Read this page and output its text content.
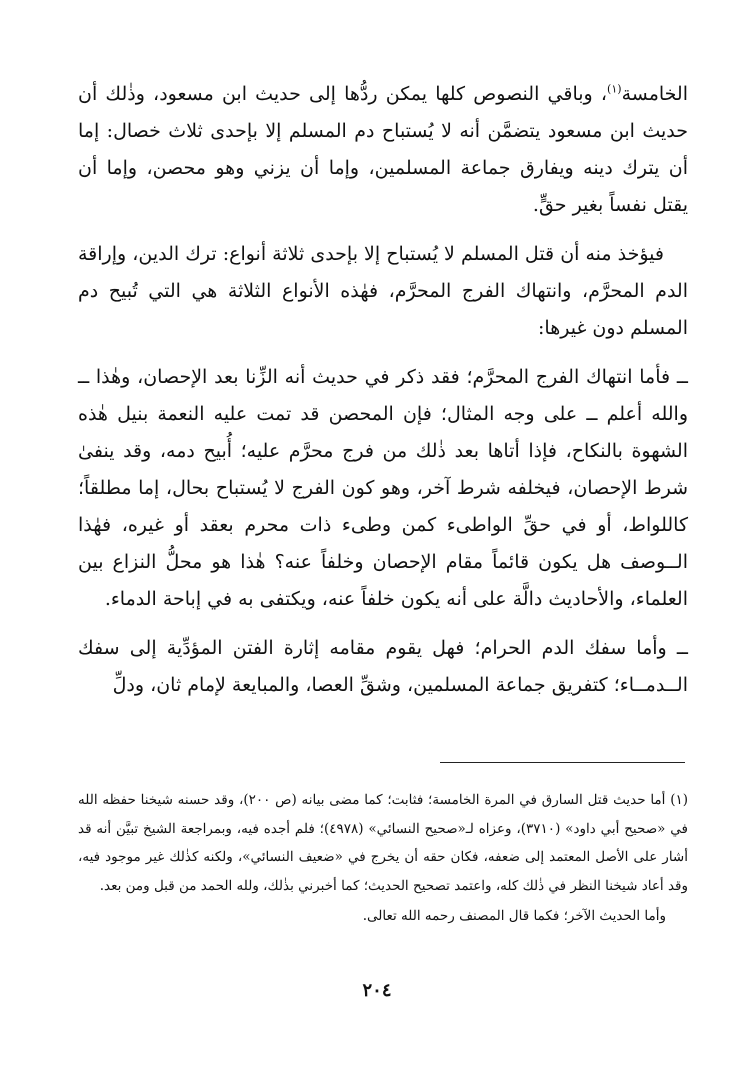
الخامسة$^{(١)}$، وباقي النصوص كلها يمكن ردُّها إلى حديث ابن مسعود، وذٰلك أن حديث ابن مسعود يتضمَّن أنه لا يُستباح دم المسلم إلا بإحدى ثلاث خصال: إما أن يترك دينه ويفارق جماعة المسلمين، وإما أن يزني وهو محصن، وإما أن يقتل نفساً بغير حقٍّ.

فيؤخذ منه أن قتل المسلم لا يُستباح إلا بإحدى ثلاثة أنواع: ترك الدين، وإراقة الدم المحرَّم، وانتهاك الفرج المحرَّم، فهٰذه الأنواع الثلاثة هي التي تُبيح دم المسلم دون غيرها:

ــ فأما انتهاك الفرج المحرَّم؛ فقد ذكر في حديث أنه الزِّنا بعد الإحصان، وهٰذا ــ والله أعلم ــ على وجه المثال؛ فإن المحصن قد تمت عليه النعمة بنيل هٰذه الشهوة بالنكاح، فإذا أتاها بعد ذٰلك من فرج محرَّم عليه؛ أُبيح دمه، وقد ينفىٰ شرط الإحصان، فيخلفه شرط آخر، وهو كون الفرج لا يُستباح بحال، إما مطلقاً؛ كاللواط، أو في حقِّ الواطىء كمن وطىء ذات محرم بعقد أو غيره، فهٰذا الــوصف هل يكون قائماً مقام الإحصان وخلفاً عنه؟ هٰذا هو محلُّ النزاع بين العلماء، والأحاديث دالَّة على أنه يكون خلفاً عنه، ويكتفى به في إباحة الدماء.

ــ وأما سفك الدم الحرام؛ فهل يقوم مقامه إثارة الفتن المؤدِّية إلى سفك الــدمــاء؛ كتفريق جماعة المسلمين، وشقِّ العصا، والمبايعة لإمام ثان، ودلِّ

(١) أما حديث قتل السارق في المرة الخامسة؛ فثابت؛ كما مضى بيانه (ص ٢٠٠)، وقد حسنه شيخنا حفظه الله في «صحيح أبي داود» (٣٧١٠)، وعزاه لـ«صحيح النسائي» (٤٩٧٨)؛ فلم أجده فيه، وبمراجعة الشيخ تبيَّن أنه قد أشار على الأصل المعتمد إلى ضعفه، فكان حقه أن يخرج في «ضعيف النسائي»، ولكنه كذٰلك غير موجود فيه، وقد أعاد شيخنا النظر في ذٰلك كله، واعتمد تصحيح الحديث؛ كما أخبرني بذٰلك، ولله الحمد من قبل ومن بعد.

وأما الحديث الآخر؛ فكما قال المصنف رحمه الله تعالى.

٢٠٤
